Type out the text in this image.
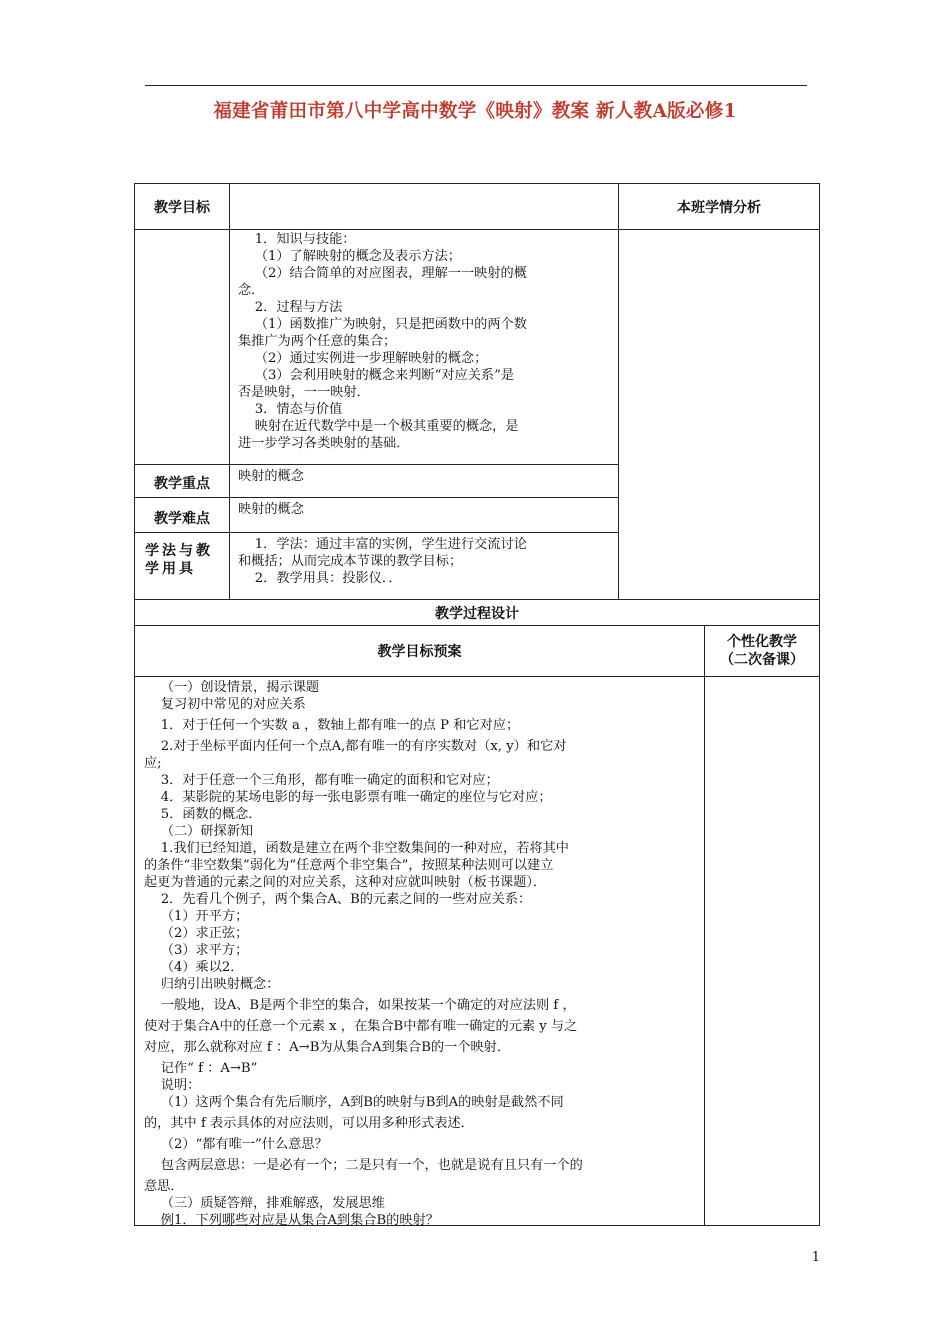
福建省莆田市第八中学高中数学《映射》教案 新人教A版必修1
教学目标	本班学情分析
1．知识与技能：
（1）了解映射的概念及表示方法；
（2）结合简单的对应图表，理解一一映射的概
念．
2．过程与方法
（1）函数推广为映射，只是把函数中的两个数
集推广为两个任意的集合；
（2）通过实例进一步理解映射的概念；
（3）会利用映射的概念来判断“对应关系”是
否是映射，一一映射．
3．情态与价值
映射在近代数学中是一个极其重要的概念，是
进一步学习各类映射的基础．
教学重点	映射的概念
教学难点
映射的概念
学法与教学用具
1．学法：通过丰富的实例，学生进行交流讨论
和概括；从而完成本节课的教学目标；
2．教学用具：投影仪．．
教学过程设计
教学目标预案
个性化教学（二次备课）
（一）创设情景，揭示课题
复习初中常见的对应关系
1．对于任何一个实数 a ，数轴上都有唯一的点 P 和它对应；
2.对于坐标平面内任何一个点A,都有唯一的有序实数对（x, y）和它对
应;
3．对于任意一个三角形，都有唯一确定的面积和它对应；
4．某影院的某场电影的每一张电影票有唯一确定的座位与它对应；
5．函数的概念．
（二）研探新知
1.我们已经知道，函数是建立在两个非空数集间的一种对应，若将其中
的条件“非空数集”弱化为“任意两个非空集合”，按照某种法则可以建立
起更为普通的元素之间的对应关系，这种对应就叫映射（板书课题）．
2．先看几个例子，两个集合A、B的元素之间的一些对应关系：
（1）开平方；
（2）求正弦；
（3）求平方；
（4）乘以2．
归纳引出映射概念：
一般地，设A、B是两个非空的集合，如果按某一个确定的对应法则 f ，
使对于集合A中的任意一个元素 x ，在集合B中都有唯一确定的元素 y 与之
对应，那么就称对应 f ：A→B为从集合A到集合B的一个映射．
记作“ f ：A→B”
说明：
（1）这两个集合有先后顺序，A到B的映射与B到A的映射是截然不同
的，其中 f 表示具体的对应法则，可以用多种形式表述．
（2）“都有唯一”什么意思？
包含两层意思：一是必有一个；二是只有一个，也就是说有且只有一个的
意思．
（三）质疑答辩，排难解惑，发展思维
例1．下列哪些对应是从集合A到集合B的映射？
1
